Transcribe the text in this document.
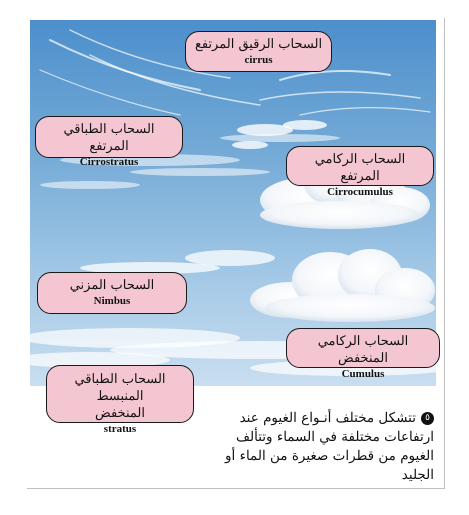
السحاب الرقيق المرتفع
cirrus
السحاب الطباقي المرتفع
Cirrostratus	السحاب الركامي المرتفع
Cirrocumulus
السحاب المزني
Nimbus
السحاب الركامي المنخفض
Cumulus
السحاب الطباقي المنبسط
المنخفض
stratus
٥تتشكل مختلف أنـواع الغيوم عند ارتفاعات مختلفة في السماء وتتألف الغيوم من قطرات صغيرة من الماء أو الجليد
